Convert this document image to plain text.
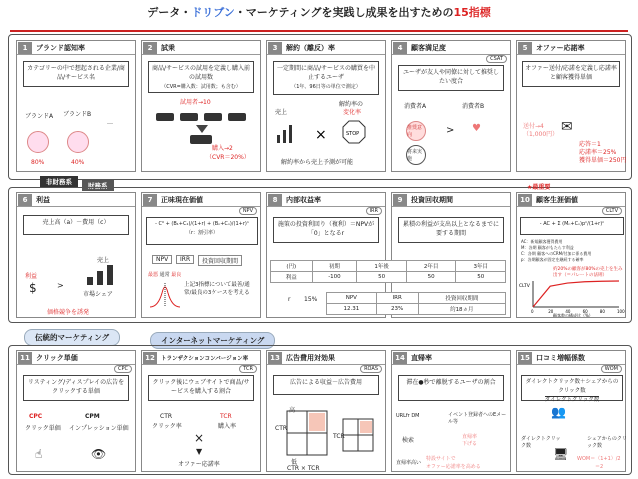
データ・ドリブン・マーケティングを実践し成果を出すための15指標
1	ブランド認知率
カテゴリーの中で想起される企業/商品/サービス名
ブランドA ブランドB
…
80%	40%
2	試乗
商品/サービスの試用を定義し購入前の試用数
（CVR=購入数：試用数；も含む）
試用者→10
購入→2
（CVR＝20%）
3	解約（離反）率
一定期間に商品/サービスの購買を中止するユーザ
（1年、96日等の単位で測定）
売上
解約率の
変化率
×	STOP
解約率から売上予測が可能
4	顧客満足度
CSAT
ユーザが友人や同僚に対して推奨したい度合
消費者A	消費者B
推奨意向
将来実施
> ♥
5	オファー応諾率
オファー送付/応諾を定義し応諾率と顧客獲得単価
送付→4
（1,000円） ✉
応答＝1
応諾率＝25%
獲得単価＝250円
非財務系	財務系	★最重要
6	利益
売上高（a）－費用（c）
利益
$	>
売上
市場シェア
価格競争を誘発
7	正味現在価値
NPV
- C⁰ + (B₁+C₁)/(1+r) + (Bₙ+Cₙ)/(1+r)ⁿ
（r：割引率）
NPV	IRR	投資回収期間
最悪 通常 最良
上記3指標について最善/通常/最良の3ケースを考える
8	内部収益率
IRR
施策の投資利回り（複利）＝NPVが「0」となるr
9	投資回収期間
累積の利益が支出以上となるまでに要する期間
(円)	初期	1年後	2年目	3年目
利益	-100	50	50	50
r 15%	NPV	IRR	投資回収期間
12.31	23%	約18ヵ月
10 顧客生涯価値
CLTV
- AC + Σ (Mₙ+Cₙ)pⁿ/(1+r)ⁿ
AC：新規顧客獲得費用
M：各期 顧客がもたらす利益
C：各期 顧客へのCRM/付加に係る費用
p：各期顧客が固定を継続する確率
約20%の顧客が80%の売上を生み出す（＝パレートの法則）
0	20	40	60	80	100
CLTV
顧客数の構成比（%）
伝統的マーケティング	インターネットマーケティング
11 クリック単価
CPC
リスティング/ディスプレイの広告をクリックする単価
CPC
クリック単価
CPM
インプレッション単価
☝	👁
12	トランザクションコンバージョン率
TCR
クリック後にウェブサイトで商品/サービスを購入する割合
CTR
クリック率
TCR
購入率
×
▼
オファー応諾率
13 広告費用対効果
ROAS
広告による収益－広告費用
CTR
TCR
高
低
CTR × TCR
14 直帰率
滞在●秒で離脱するユーザの割合
URLfr DM	イベント登録者へのEメール等
検索
直帰率高い
直帰率
下げる
特設サイトで
オファー応諾率を高める
15 口コミ増幅係数
WOM
ダイレクトクリック数＋シェアからのクリック数
ダイレクトクリック数
👥
ダイレクトクリック数
シェアからのクリック数
🖥 WOM＝（1+1）/2
＝2
